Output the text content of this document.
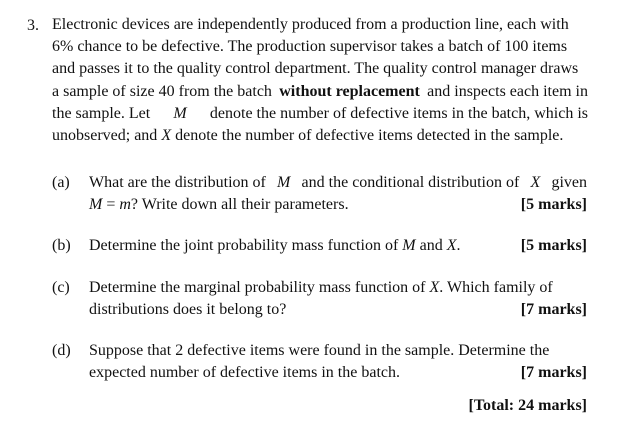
3. Electronic devices are independently produced from a production line, each with
6% chance to be defective. The production supervisor takes a batch of 100 items
and passes it to the quality control department. The quality control manager draws
a sample of size 40 from the batch without replacement and inspects each item in
the sample. Let M denote the number of defective items in the batch, which is
unobserved; and X denote the number of defective items detected in the sample.
(a)	What are the distribution of M and the conditional distribution of X given
M = m? Write down all their parameters.	[5 marks]
(b)	Determine the joint probability mass function of M and X.	[5 marks]
(c)	Determine the marginal probability mass function of X. Which family of
distributions does it belong to?	[7 marks]
(d)	Suppose that 2 defective items were found in the sample. Determine the
expected number of defective items in the batch.	[7 marks]
[Total: 24 marks]
